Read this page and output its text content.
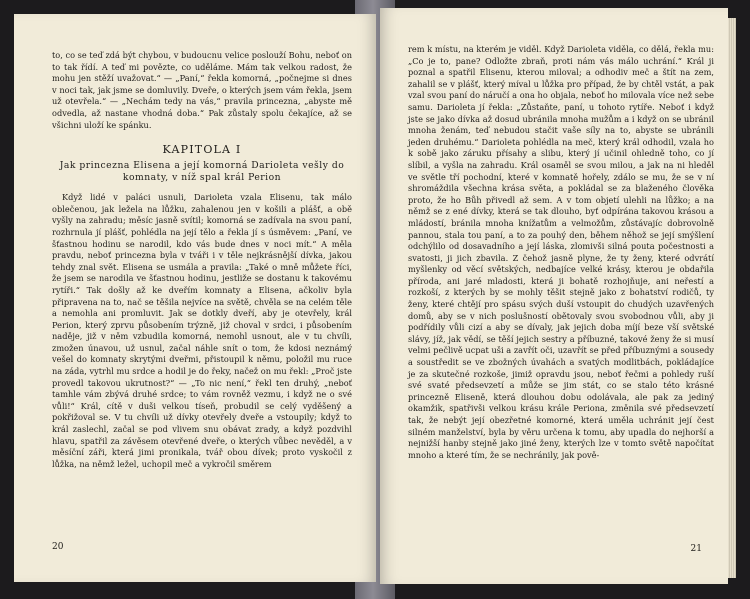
to, co se teď zdá být chybou, v budoucnu velice poslouží Bohu, neboť on to tak řídí. A teď mi povězte, co uděláme. Mám tak velkou radost, že mohu jen stěží uvažovat.“ — „Paní,“ řekla komorná, „počnejme si dnes v noci tak, jak jsme se domluvily. Dveře, o kterých jsem vám řekla, jsem už otevřela.“ — „Nechám tedy na vás,“ pravila princezna, „abyste mě odvedla, až nastane vhodná doba.“ Pak zůstaly spolu čekajíce, až se všichni uloží ke spánku.

KAPITOLA I
Jak princezna Elisena a její komorná Darioleta vešly do komnaty, v níž spal král Perion

Když lidé v paláci usnuli, Darioleta vzala Elisenu, tak málo oblečenou, jak ležela na lůžku, zahalenou jen v košili a plášť, a obě vyšly na zahradu; měsíc jasně svítil; komorná se zadívala na svou paní, rozhrnula jí plášť, pohlédla na její tělo a řekla jí s úsměvem: „Paní, ve šťastnou hodinu se narodil, kdo vás bude dnes v noci mít.“ A měla pravdu, neboť princezna byla v tváři i v těle nejkrásnější dívka, jakou tehdy znal svět. Elisena se usmála a pravila: „Také o mně můžete říci, že jsem se narodila ve šťastnou hodinu, jestliže se dostanu k takovému rytíři.“ Tak došly až ke dveřím komnaty a Elisena, ačkoliv byla připravena na to, nač se těšila nejvíce na světě, chvěla se na celém těle a nemohla ani promluvit. Jak se dotkly dveří, aby je otevřely, král Perion, který zprvu působením trýzně, již choval v srdci, i působením naděje, již v něm vzbudila komorná, nemohl usnout, ale v tu chvíli, zmožen únavou, už usnul, začal náhle snít o tom, že kdosi neznámý vešel do komnaty skrytými dveřmi, přistoupil k němu, položil mu ruce na záda, vytrhl mu srdce a hodil je do řeky, načež on mu řekl: „Proč jste provedl takovou ukrutnost?“ — „To nic není,“ řekl ten druhý, „neboť tamhle vám zbývá druhé srdce; to vám rovněž vezmu, i když ne o své vůli!“ Král, cítě v duši velkou tíseň, probudil se celý vyděšený a pokřižoval se. V tu chvíli už dívky otevřely dveře a vstoupily; když to král zaslechl, začal se pod vlivem snu obávat zrady, a když pozdvihl hlavu, spatřil za závěsem otevřené dveře, o kterých vůbec nevěděl, a v měsíční záři, která jimi pronikala, tvář obou dívek; proto vyskočil z lůžka, na němž ležel, uchopil meč a vykročil směrem

20

rem k místu, na kterém je viděl. Když Darioleta viděla, co dělá, řekla mu: „Co je to, pane? Odložte zbraň, proti nám vás málo uchrání.“ Král ji poznal a spatřil Elisenu, kterou miloval; a odhodiv meč a štít na zem, zahalil se v plášť, který míval u lůžka pro případ, že by chtěl vstát, a pak vzal svou paní do náručí a ona ho objala, neboť ho milovala více než sebe samu. Darioleta jí řekla: „Zůstaňte, paní, u tohoto rytíře. Neboť i když jste se jako dívka až dosud ubránila mnoha mužům a i když on se ubránil mnoha ženám, teď nebudou stačit vaše síly na to, abyste se ubránili jeden druhému.“ Darioleta pohlédla na meč, který král odhodil, vzala ho k sobě jako záruku přísahy a slibu, který jí učinil ohledně toho, co jí slíbil, a vyšla na zahradu. Král osaměl se svou milou, a jak na ni hleděl ve světle tří pochodní, které v komnatě hořely, zdálo se mu, že se v ní shromáždila všechna krása světa, a pokládal se za blaženého člověka proto, že ho Bůh přivedl až sem. A v tom objetí ulehli na lůžko; a na němž se z ené dívky, která se tak dlouho, byť odpírána takovou krásou a mládostí, bránila mnoha knížatům a velmožům, zůstávajíc dobrovolně pannou, stala tou paní, a to za pouhý den, během něhož se její smýšlení odchýlilo od dosavadního a její láska, zlomivši silná pouta počestnosti a svatosti, ji jich zbavila. Z čehož jasně plyne, že ty ženy, které odvrátí myšlenky od věcí světských, nedbajíce velké krásy, kterou je obdařila příroda, ani jaré mladosti, která ji bohatě rozhojňuje, ani neřestí a rozkoší, z kterých by se mohly těšit stejně jako z bohatství rodičů, ty ženy, které chtějí pro spásu svých duší vstoupit do chudých uzavřených domů, aby se v nich poslušností obětovaly svou svobodnou vůli, aby ji podřídily vůli cizí a aby se dívaly, jak jejich doba míjí beze vší světské slávy, jíž, jak vědí, se těší jejich sestry a příbuzné, takové ženy že si musí velmi pečlivě ucpat uši a zavřít oči, uzavřít se před příbuznými a sousedy a soustředit se ve zbožných úvahách a svatých modlitbách, pokládajíce je za skutečné rozkoše, jimiž opravdu jsou, neboť řečmi a pohledy ruší své svaté předsevzetí a může se jim stát, co se stalo této krásné princezně Eliseně, která dlouhou dobu odolávala, ale pak za jediný okamžik, spatřivši velkou krásu krále Periona, změnila své předsevzetí tak, že nebýt její obezřetné komorné, která uměla uchránit její čest silném manželství, byla by věru určena k tomu, aby upadla do nejhorší a nejnižší hanby stejně jako jiné ženy, kterých lze v tomto světě napočítat mnoho a které tím, že se nechránily, jak pově-

21
